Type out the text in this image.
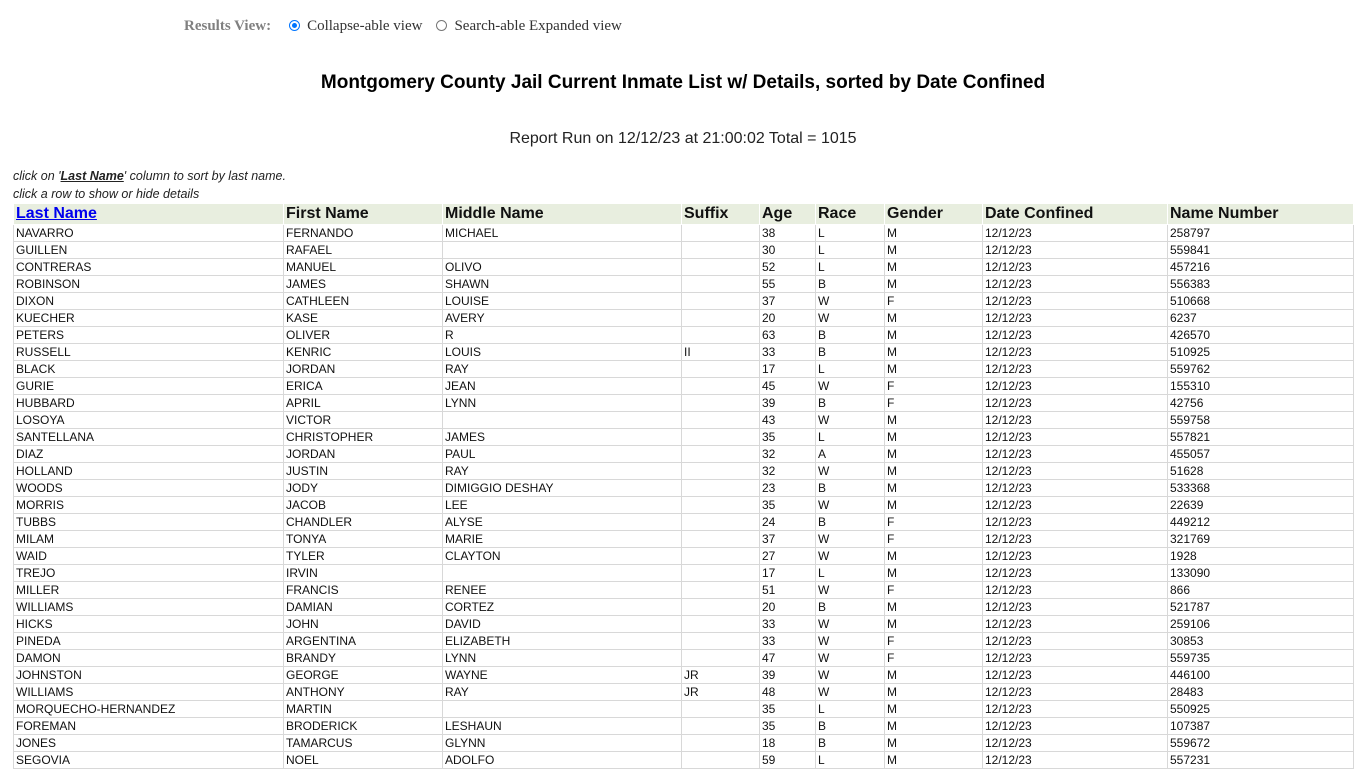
Results View: Collapse-able view Search-able Expanded view
Montgomery County Jail Current Inmate List w/ Details, sorted by Date Confined
Report Run on 12/12/23 at 21:00:02 Total = 1015
click on 'Last Name' column to sort by last name.
click a row to show or hide details
Last Name	First Name	Middle Name	Suffix	Age	Race	Gender	Date Confined	Name Number
NAVARRO	FERNANDO	MICHAEL		38	L	M	12/12/23	258797
GUILLEN	RAFAEL			30	L	M	12/12/23	559841
CONTRERAS	MANUEL	OLIVO		52	L	M	12/12/23	457216
ROBINSON	JAMES	SHAWN		55	B	M	12/12/23	556383
DIXON	CATHLEEN	LOUISE		37	W	F	12/12/23	510668
KUECHER	KASE	AVERY		20	W	M	12/12/23	6237
PETERS	OLIVER	R		63	B	M	12/12/23	426570
RUSSELL	KENRIC	LOUIS	II	33	B	M	12/12/23	510925
BLACK	JORDAN	RAY		17	L	M	12/12/23	559762
GURIE	ERICA	JEAN		45	W	F	12/12/23	155310
HUBBARD	APRIL	LYNN		39	B	F	12/12/23	42756
LOSOYA	VICTOR			43	W	M	12/12/23	559758
SANTELLANA	CHRISTOPHER	JAMES		35	L	M	12/12/23	557821
DIAZ	JORDAN	PAUL		32	A	M	12/12/23	455057
HOLLAND	JUSTIN	RAY		32	W	M	12/12/23	51628
WOODS	JODY	DIMIGGIO DESHAY		23	B	M	12/12/23	533368
MORRIS	JACOB	LEE		35	W	M	12/12/23	22639
TUBBS	CHANDLER	ALYSE		24	B	F	12/12/23	449212
MILAM	TONYA	MARIE		37	W	F	12/12/23	321769
WAID	TYLER	CLAYTON		27	W	M	12/12/23	1928
TREJO	IRVIN			17	L	M	12/12/23	133090
MILLER	FRANCIS	RENEE		51	W	F	12/12/23	866
WILLIAMS	DAMIAN	CORTEZ		20	B	M	12/12/23	521787
HICKS	JOHN	DAVID		33	W	M	12/12/23	259106
PINEDA	ARGENTINA	ELIZABETH		33	W	F	12/12/23	30853
DAMON	BRANDY	LYNN		47	W	F	12/12/23	559735
JOHNSTON	GEORGE	WAYNE	JR	39	W	M	12/12/23	446100
WILLIAMS	ANTHONY	RAY	JR	48	W	M	12/12/23	28483
MORQUECHO-HERNANDEZ	MARTIN			35	L	M	12/12/23	550925
FOREMAN	BRODERICK	LESHAUN		35	B	M	12/12/23	107387
JONES	TAMARCUS	GLYNN		18	B	M	12/12/23	559672
SEGOVIA	NOEL	ADOLFO		59	L	M	12/12/23	557231
